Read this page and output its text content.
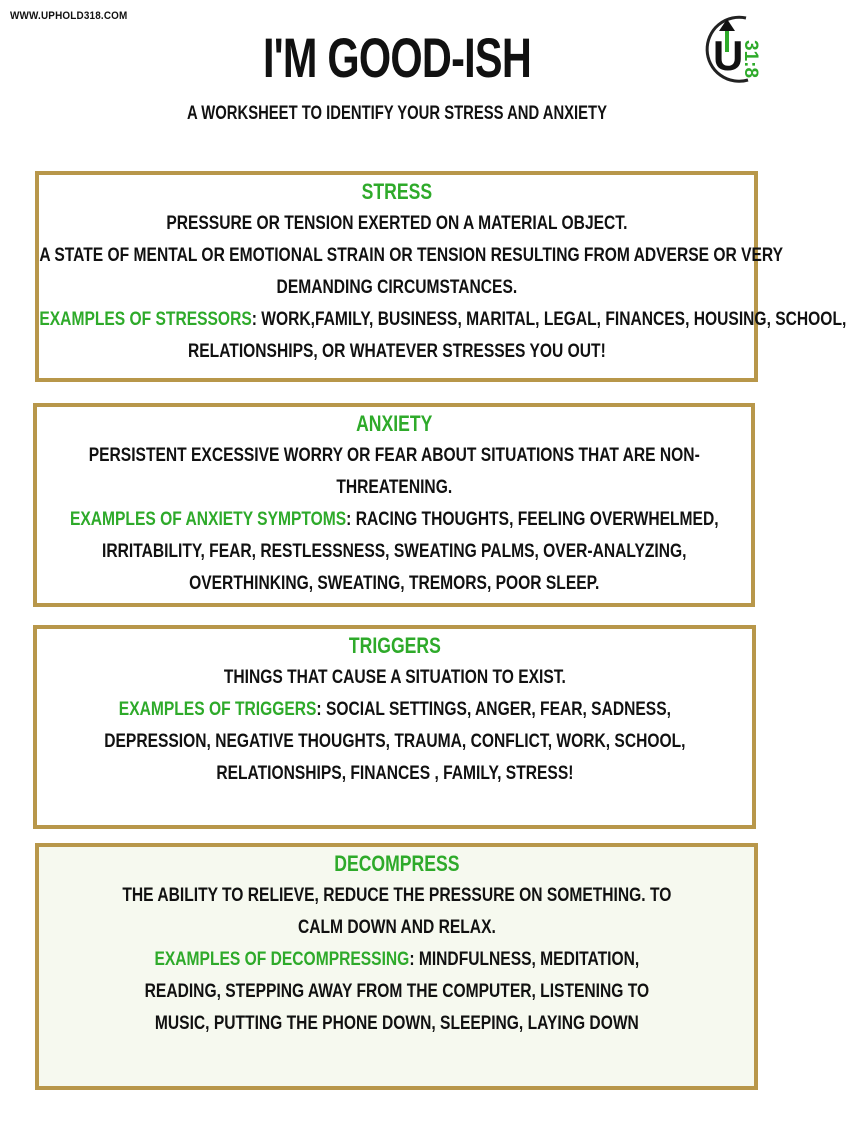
WWW.UPHOLD318.COM
U
31:8
I'M GOOD-ISH
A WORKSHEET TO IDENTIFY YOUR STRESS AND ANXIETY
STRESS
PRESSURE OR TENSION EXERTED ON A MATERIAL OBJECT.
A STATE OF MENTAL OR EMOTIONAL STRAIN OR TENSION RESULTING FROM ADVERSE OR VERY
DEMANDING CIRCUMSTANCES.
EXAMPLES OF STRESSORS: WORK,FAMILY, BUSINESS, MARITAL, LEGAL, FINANCES, HOUSING, SCHOOL,
RELATIONSHIPS, OR WHATEVER STRESSES YOU OUT!
ANXIETY
PERSISTENT EXCESSIVE WORRY OR FEAR ABOUT SITUATIONS THAT ARE NON-
THREATENING.
EXAMPLES OF ANXIETY SYMPTOMS: RACING THOUGHTS, FEELING OVERWHELMED,
IRRITABILITY, FEAR, RESTLESSNESS, SWEATING PALMS, OVER-ANALYZING,
OVERTHINKING, SWEATING, TREMORS, POOR SLEEP.
TRIGGERS
THINGS THAT CAUSE A SITUATION TO EXIST.
EXAMPLES OF TRIGGERS: SOCIAL SETTINGS, ANGER, FEAR, SADNESS,
DEPRESSION, NEGATIVE THOUGHTS, TRAUMA, CONFLICT, WORK, SCHOOL,
RELATIONSHIPS, FINANCES , FAMILY, STRESS!
DECOMPRESS
THE ABILITY TO RELIEVE, REDUCE THE PRESSURE ON SOMETHING. TO
CALM DOWN AND RELAX.
EXAMPLES OF DECOMPRESSING: MINDFULNESS, MEDITATION,
READING, STEPPING AWAY FROM THE COMPUTER, LISTENING TO
MUSIC, PUTTING THE PHONE DOWN, SLEEPING, LAYING DOWN
